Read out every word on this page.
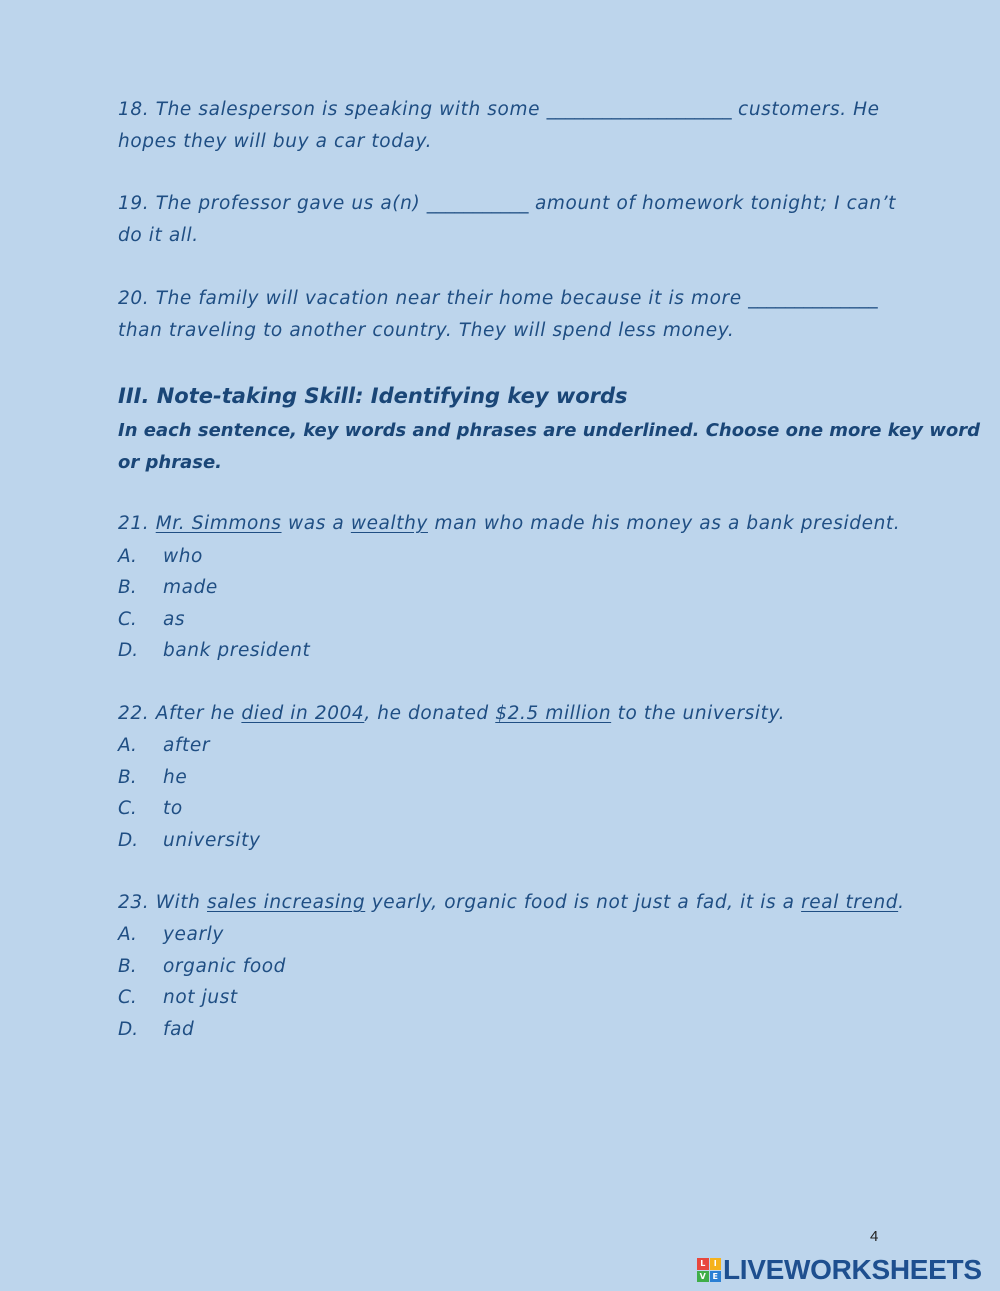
18. The salesperson is speaking with some ____________________ customers. He
hopes they will buy a car today.
19. The professor gave us a(n) ___________ amount of homework tonight; I can’t
do it all.
20. The family will vacation near their home because it is more ______________
than traveling to another country. They will spend less money.
III. Note-taking Skill: Identifying key words
In each sentence, key words and phrases are underlined. Choose one more key word
or phrase.
21. Mr. Simmons was a wealthy man who made his money as a bank president.
A. who
B. made
C. as
D. bank president
22. After he died in 2004, he donated $2.5 million to the university.
A. after
B. he
C. to
D. university
23. With sales increasing yearly, organic food is not just a fad, it is a real trend.
A. yearly
B. organic food
C. not just
D. fad
4
L	I
V E LIVEWORKSHEETS
